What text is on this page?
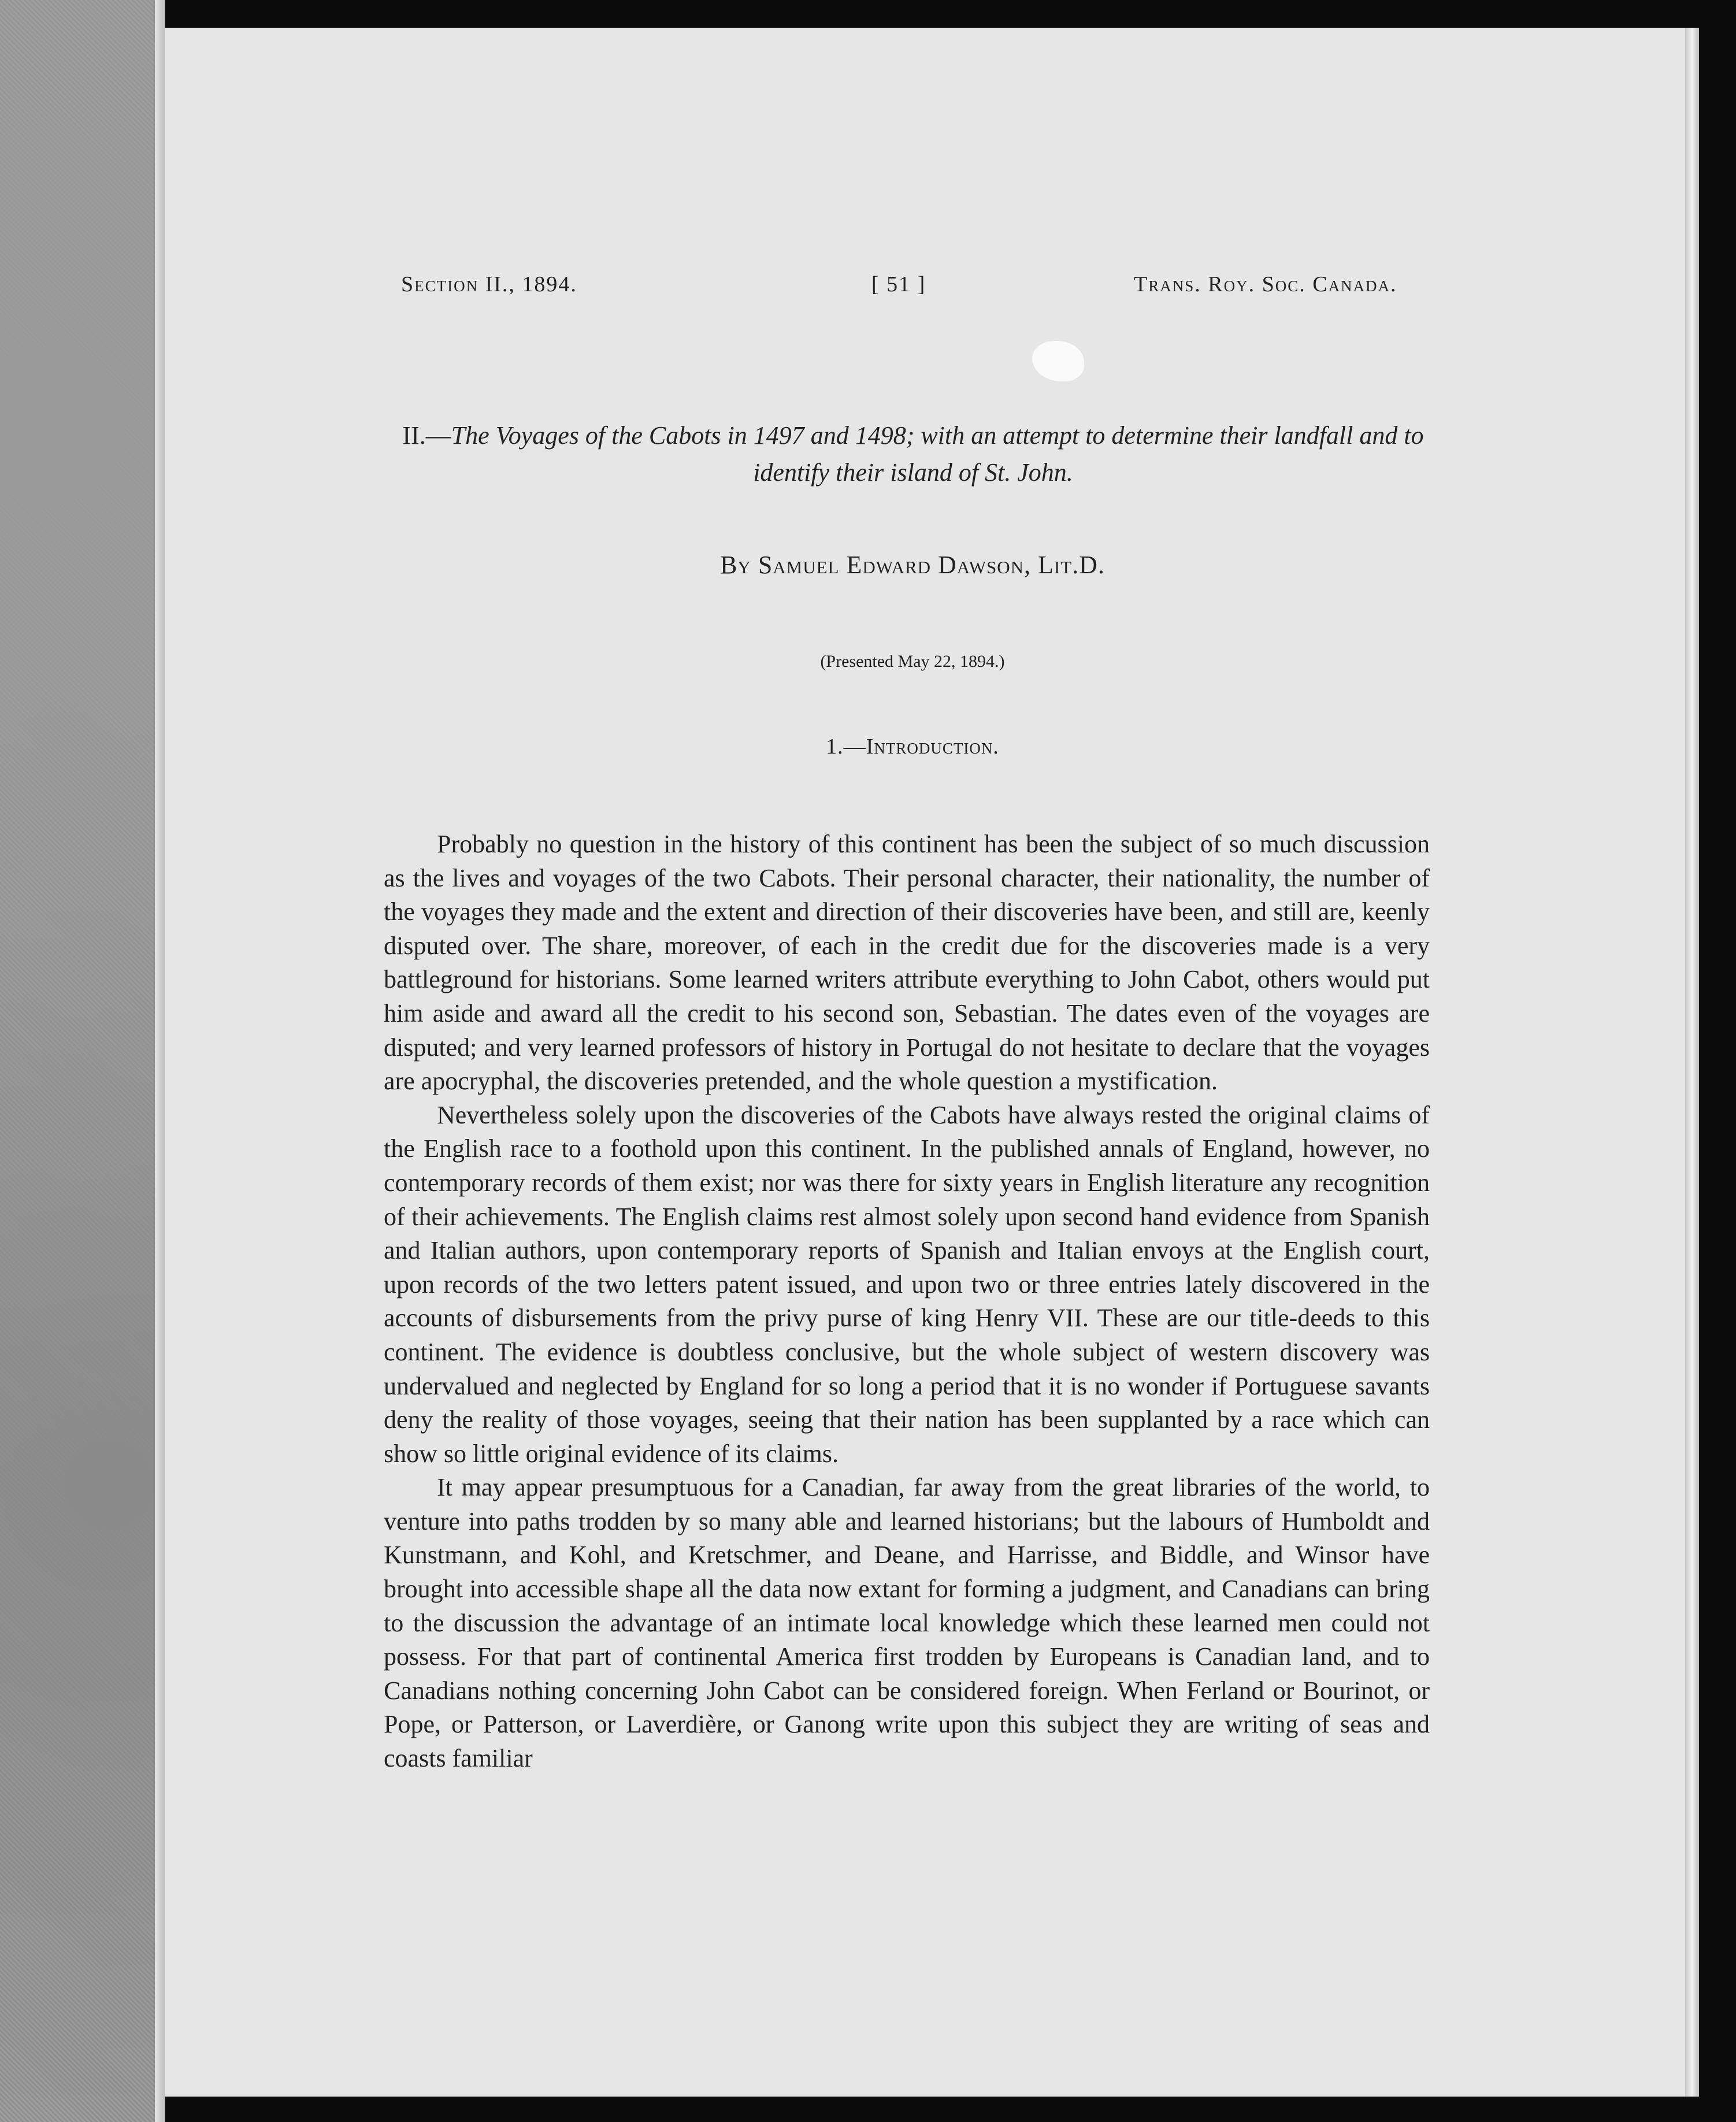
Section II., 1894.	[ 51 ]	Trans. Roy. Soc. Canada.
II.—The Voyages of the Cabots in 1497 and 1498; with an attempt to determine their landfall and to identify their island of St. John.
By Samuel Edward Dawson, Lit.D.
(Presented May 22, 1894.)
1.—Introduction.

Probably no question in the history of this continent has been the subject of so much discussion as the lives and voyages of the two Cabots. Their personal character, their nationality, the number of the voyages they made and the extent and direction of their discoveries have been, and still are, keenly disputed over. The share, moreover, of each in the credit due for the discoveries made is a very battleground for historians. Some learned writers attribute everything to John Cabot, others would put him aside and award all the credit to his second son, Sebastian. The dates even of the voyages are disputed; and very learned professors of history in Portugal do not hesitate to declare that the voyages are apocryphal, the discoveries pretended, and the whole question a mystification.

Nevertheless solely upon the discoveries of the Cabots have always rested the original claims of the English race to a foothold upon this continent. In the published annals of England, however, no contemporary records of them exist; nor was there for sixty years in English literature any recognition of their achievements. The English claims rest almost solely upon second hand evidence from Spanish and Italian authors, upon contemporary reports of Spanish and Italian envoys at the English court, upon records of the two letters patent issued, and upon two or three entries lately discovered in the accounts of disbursements from the privy purse of king Henry VII. These are our title-deeds to this continent. The evidence is doubtless conclusive, but the whole subject of western discovery was undervalued and neglected by England for so long a period that it is no wonder if Portuguese savants deny the reality of those voyages, seeing that their nation has been supplanted by a race which can show so little original evidence of its claims.

It may appear presumptuous for a Canadian, far away from the great libraries of the world, to venture into paths trodden by so many able and learned historians; but the labours of Humboldt and Kunstmann, and Kohl, and Kretschmer, and Deane, and Harrisse, and Biddle, and Winsor have brought into accessible shape all the data now extant for forming a judgment, and Canadians can bring to the discussion the advantage of an intimate local knowledge which these learned men could not possess. For that part of continental America first trodden by Europeans is Canadian land, and to Canadians nothing concerning John Cabot can be considered foreign. When Ferland or Bourinot, or Pope, or Patterson, or Laverdière, or Ganong write upon this subject they are writing of seas and coasts familiar
